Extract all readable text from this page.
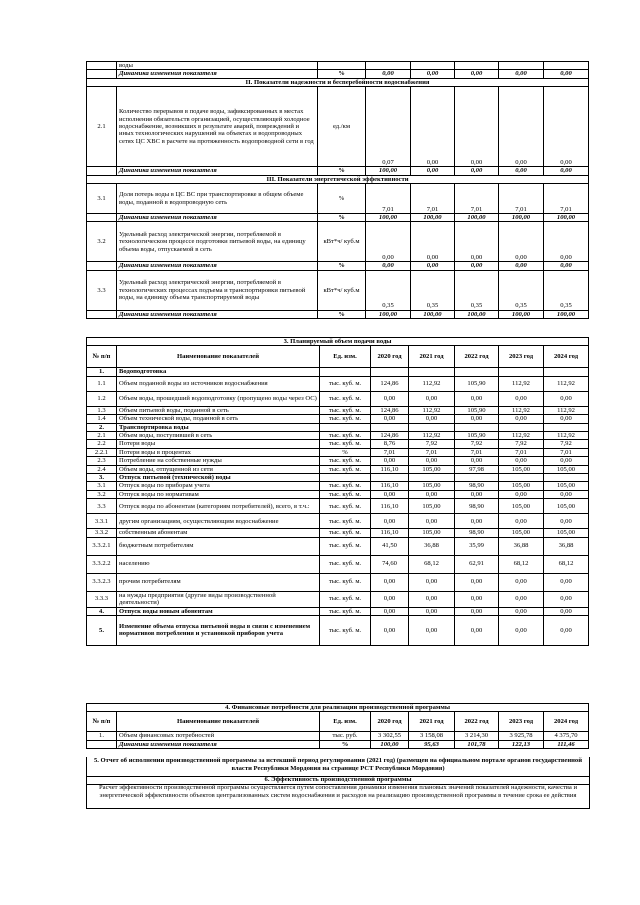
	воды						
	Динамика изменения показателя	%	0,00	0,00	0,00	0,00	0,00
II. Показатели надежности и бесперебойности водоснабжения							
2.1	Количество перерывов в подаче воды, зафиксированных в местах исполнения обязательств организацией, осуществляющей холодное водоснабжение, возникших в результате аварий, повреждений и иных технологических нарушений на объектах и водопроводных сетях ЦС ХВС в расчете на протяженность водопроводной сети в год	ед./км	0,07	0,00	0,00	0,00	0,00
	Динамика изменения показателя	%	100,00	0,00	0,00	0,00	0,00
III. Показатели энергетической эффективности							
3.1	Доля потерь воды в ЦС ВС при транспортировке в общем объеме воды, поданной в водопроводную сеть	%	7,01	7,01	7,01	7,01	7,01
	Динамика изменения показателя	%	100,00	100,00	100,00	100,00	100,00
3.2	Удельный расход электрической энергии, потребляемой в технологическом процессе подготовки питьевой воды, на единицу объема воды, отпускаемой в сеть	кВт*ч/ куб.м	0,00	0,00	0,00	0,00	0,00
	Динамика изменения показателя	%	0,00	0,00	0,00	0,00	0,00
3.3	Удельный расход электрической энергии, потребляемой в технологических процессах подъема и транспортировки питьевой воды, на единицу объема транспортируемой воды	кВт*ч/ куб.м	0,35	0,35	0,35	0,35	0,35
	Динамика изменения показателя	%	100,00	100,00	100,00	100,00	100,00
3. Планируемый объем подачи воды							
№ п/п	Наименование показателей	Ед. изм.	2020 год	2021 год	2022 год	2023 год	2024 год
1.	Водоподготовка						
1.1	Объем поданной воды из источников водоснабжения	тыс. куб. м.	124,86	112,92	105,90	112,92	112,92
1.2	Объем воды, прошедший водоподготовку (пропущено воды через ОС)	тыс. куб. м.	0,00	0,00	0,00	0,00	0,00
1.3	Объем питьевой воды, поданной в сеть	тыс. куб. м.	124,86	112,92	105,90	112,92	112,92
1.4	Объем технической воды, поданной в сеть	тыс. куб. м.	0,00	0,00	0,00	0,00	0,00
2.	Транспортировка воды						
2.1	Объем воды, поступившей в сеть	тыс. куб. м.	124,86	112,92	105,90	112,92	112,92
2.2	Потери воды	тыс. куб. м.	8,76	7,92	7,92	7,92	7,92
2.2.1	Потери воды в процентах	%	7,01	7,01	7,01	7,01	7,01
2.3	Потребление на собственные нужды	тыс. куб. м.	0,00	0,00	0,00	0,00	0,00
2.4	Объем воды, отпущенной из сети	тыс. куб. м.	116,10	105,00	97,98	105,00	105,00
3.	Отпуск питьевой (технической) воды						
3.1	Отпуск воды по приборам учета	тыс. куб. м.	116,10	105,00	98,90	105,00	105,00
3.2	Отпуск воды по нормативам	тыс. куб. м.	0,00	0,00	0,00	0,00	0,00
3.3	Отпуск воды по абонентам (категориям потребителей), всего, в т.ч.:	тыс. куб. м.	116,10	105,00	98,90	105,00	105,00
3.3.1	другим организациям, осуществляющим водоснабжение	тыс. куб. м.	0,00	0,00	0,00	0,00	0,00
3.3.2	собственным абонентам	тыс. куб. м.	116,10	105,00	98,90	105,00	105,00
3.3.2.1	бюджетным потребителям	тыс. куб. м.	41,50	36,88	35,99	36,88	36,88
3.3.2.2	населению	тыс. куб. м.	74,60	68,12	62,91	68,12	68,12
3.3.2.3	прочим потребителям	тыс. куб. м.	0,00	0,00	0,00	0,00	0,00
3.3.3	на нужды предприятия (другие виды производственной деятельности)	тыс. куб. м.	0,00	0,00	0,00	0,00	0,00
4.	Отпуск воды новым абонентам	тыс. куб. м.	0,00	0,00	0,00	0,00	0,00
5.	Изменение объема отпуска питьевой воды в связи с изменением нормативов потребления и установкой приборов учета	тыс. куб. м.	0,00	0,00	0,00	0,00	0,00
4. Финансовые потребности для реализации производственной программы							
№ п/п	Наименование показателей	Ед. изм.	2020 год	2021 год	2022 год	2023 год	2024 год
1.	Объем финансовых потребностей	тыс. руб.	3 302,55	3 158,08	3 214,30	3 925,78	4 375,70
	Динамика изменения показателя	%	100,00	95,63	101,78	122,13	111,46
5. Отчет об исполнении производственной программы за истекший период регулирования (2021 год) (размещен на официальном портале органов государственной власти Республики Мордовия на странице РСТ Республики Мордовия)
6. Эффективность производственной программы
Расчет эффективности производственной программы осуществляется путем сопоставления динамики изменения плановых значений показателей надежности, качества и энергетической эффективности объектов централизованных систем водоснабжения и расходов на реализацию производственной программы в течение срока ее действия
